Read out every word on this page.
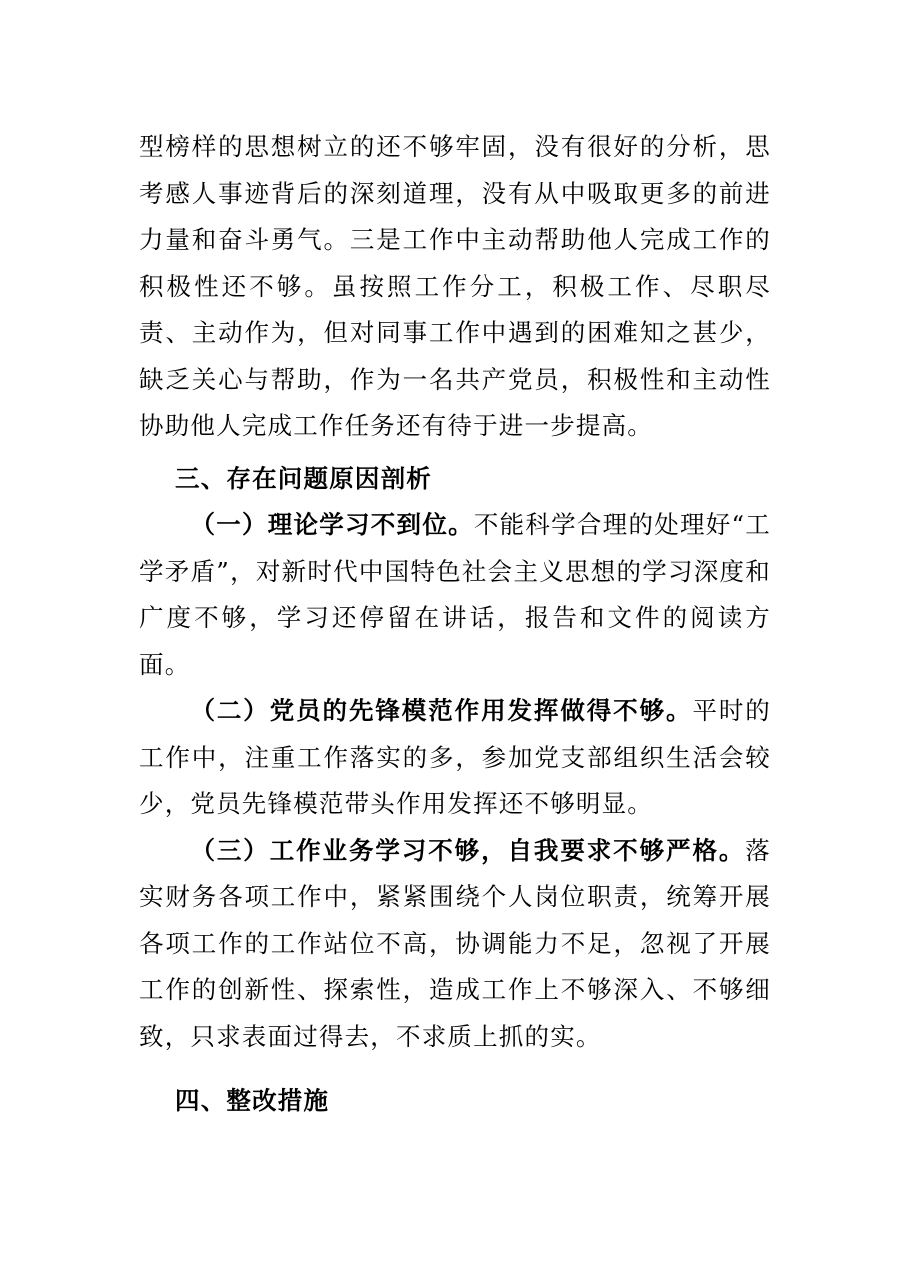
型榜样的思想树立的还不够牢固，没有很好的分析，思考感人事迹背后的深刻道理，没有从中吸取更多的前进力量和奋斗勇气。三是工作中主动帮助他人完成工作的积极性还不够。虽按照工作分工，积极工作、尽职尽责、主动作为，但对同事工作中遇到的困难知之甚少，缺乏关心与帮助，作为一名共产党员，积极性和主动性协助他人完成工作任务还有待于进一步提高。

三、存在问题原因剖析

（一）理论学习不到位。不能科学合理的处理好“工学矛盾”，对新时代中国特色社会主义思想的学习深度和广度不够，学习还停留在讲话，报告和文件的阅读方面。

（二）党员的先锋模范作用发挥做得不够。平时的工作中，注重工作落实的多，参加党支部组织生活会较少，党员先锋模范带头作用发挥还不够明显。

（三）工作业务学习不够，自我要求不够严格。落实财务各项工作中，紧紧围绕个人岗位职责，统筹开展各项工作的工作站位不高，协调能力不足，忽视了开展工作的创新性、探索性，造成工作上不够深入、不够细致，只求表面过得去，不求质上抓的实。

四、整改措施
